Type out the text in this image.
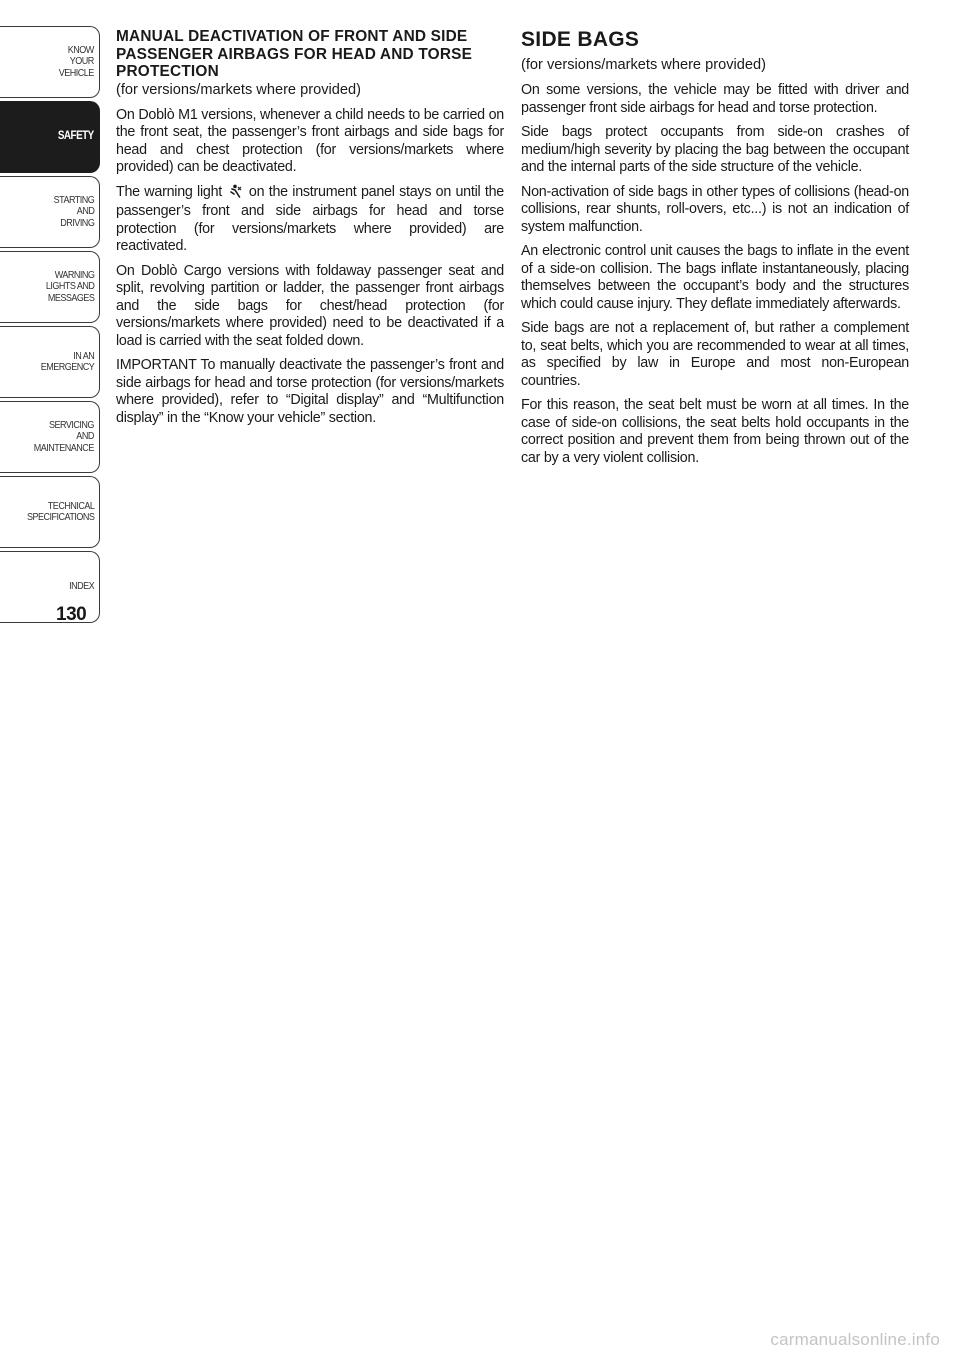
KNOW
YOUR
VEHICLE
SAFETY
STARTING
AND
DRIVING
WARNING
LIGHTS AND
MESSAGES
IN AN
EMERGENCY
SERVICING
AND
MAINTENANCE
TECHNICAL
SPECIFICATIONS
INDEX
130
MANUAL DEACTIVATION OF FRONT AND SIDE PASSENGER AIRBAGS FOR HEAD AND TORSE PROTECTION

(for versions/markets where provided)

On Doblò M1 versions, whenever a child needs to be carried on the front seat, the passenger’s front airbags and side bags for head and chest protection (for versions/markets where provided) can be deactivated.

The warning light  on the instrument panel stays on until the passenger’s front and side airbags for head and torse protection (for versions/markets where provided) are reactivated.

On Doblò Cargo versions with foldaway passenger seat and split, revolving partition or ladder, the passenger front airbags and the side bags for chest/head protection (for versions/markets where provided) need to be deactivated if a load is carried with the seat folded down.

IMPORTANT To manually deactivate the passenger’s front and side airbags for head and torse protection (for versions/markets where provided), refer to “Digital display” and “Multifunction display” in the “Know your vehicle” section.

SIDE BAGS

(for versions/markets where provided)

On some versions, the vehicle may be fitted with driver and passenger front side airbags for head and torse protection.

Side bags protect occupants from side-on crashes of medium/high severity by placing the bag between the occupant and the internal parts of the side structure of the vehicle.

Non-activation of side bags in other types of collisions (head-on collisions, rear shunts, roll-overs, etc...) is not an indication of system malfunction.

An electronic control unit causes the bags to inflate in the event of a side-on collision. The bags inflate instantaneously, placing themselves between the occupant’s body and the structures which could cause injury. They deflate immediately afterwards.

Side bags are not a replacement of, but rather a complement to, seat belts, which you are recommended to wear at all times, as specified by law in Europe and most non-European countries.

For this reason, the seat belt must be worn at all times. In the case of side-on collisions, the seat belts hold occupants in the correct position and prevent them from being thrown out of the car by a very violent collision.

carmanualsonline.info
